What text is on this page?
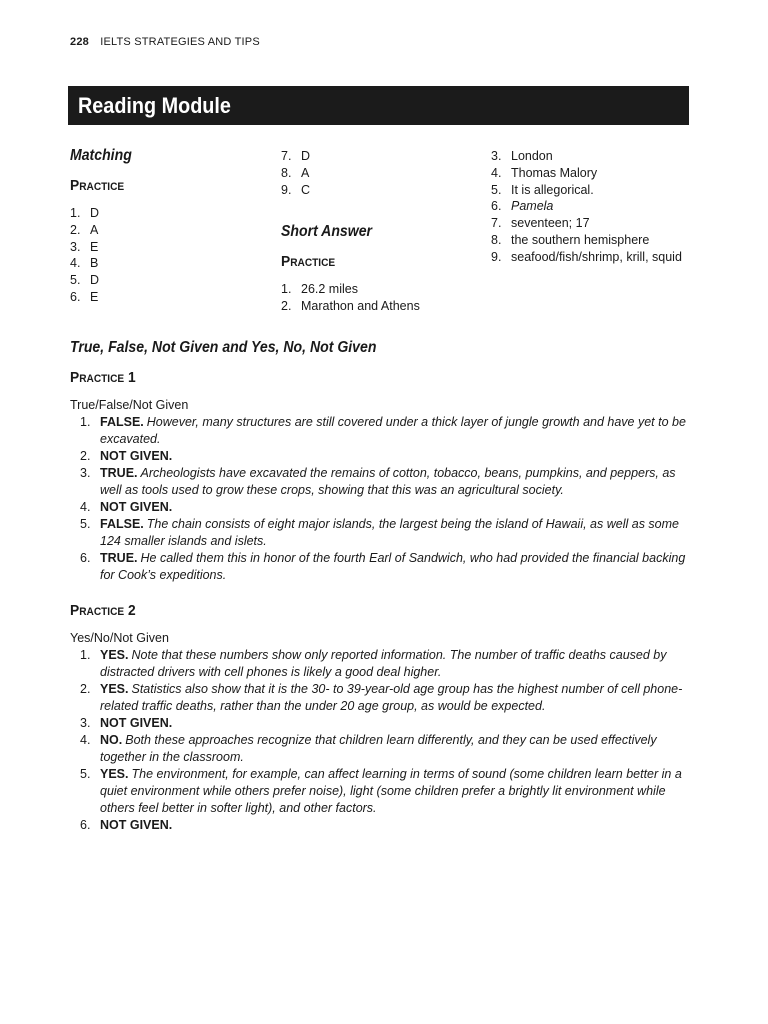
228 IELTS STRATEGIES AND TIPS
Reading Module
Matching
Practice
1. D
2. A
3. E
4. B
5. D
6. E
7. D
8. A
9. C
Short Answer
Practice
1. 26.2 miles
2. Marathon and Athens
3. London
4. Thomas Malory
5. It is allegorical.
6. Pamela
7. seventeen; 17
8. the southern hemisphere
9. seafood/fish/shrimp, krill, squid
True, False, Not Given and Yes, No, Not Given
Practice 1
True/False/Not Given
1. FALSE. However, many structures are still covered under a thick layer of jungle growth and have yet to be excavated.
2. NOT GIVEN.
3. TRUE. Archeologists have excavated the remains of cotton, tobacco, beans, pumpkins, and peppers, as well as tools used to grow these crops, showing that this was an agricultural society.
4. NOT GIVEN.
5. FALSE. The chain consists of eight major islands, the largest being the island of Hawaii, as well as some 124 smaller islands and islets.
6. TRUE. He called them this in honor of the fourth Earl of Sandwich, who had provided the financial backing for Cook’s expeditions.
Practice 2
Yes/No/Not Given
1. YES. Note that these numbers show only reported information. The number of traffic deaths caused by distracted drivers with cell phones is likely a good deal higher.
2. YES. Statistics also show that it is the 30- to 39-year-old age group has the highest number of cell phone-related traffic deaths, rather than the under 20 age group, as would be expected.
3. NOT GIVEN.
4. NO. Both these approaches recognize that children learn differently, and they can be used effectively together in the classroom.
5. YES. The environment, for example, can affect learning in terms of sound (some children learn better in a quiet environment while others prefer noise), light (some children prefer a brightly lit environment while others feel better in softer light), and other factors.
6. NOT GIVEN.
